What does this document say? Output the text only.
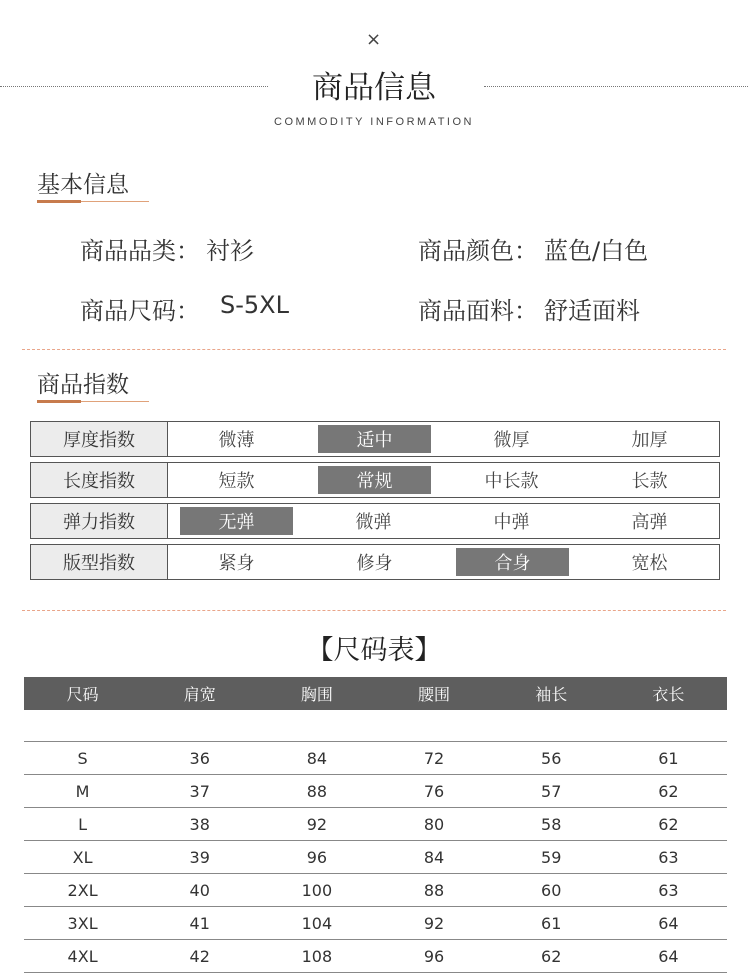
×
商品信息
COMMODITY INFORMATION
基本信息
商品品类： 衬衫	商品颜色： 蓝色/白色
商品尺码： S-5XL	商品面料： 舒适面料
商品指数
厚度指数	微薄	适中	微厚	加厚
长度指数	短款	常规	中长款	长款
弹力指数	无弹	微弹	中弹	高弹
版型指数	紧身	修身	合身	宽松
【尺码表】
尺码	肩宽	胸围	腰围	袖长	衣长

S	36	84	72	56	61
M	37	88	76	57	62
L	38	92	80	58	62
XL	39	96	84	59	63
2XL	40	100	88	60	63
3XL	41	104	92	61	64
4XL	42	108	96	62	64
